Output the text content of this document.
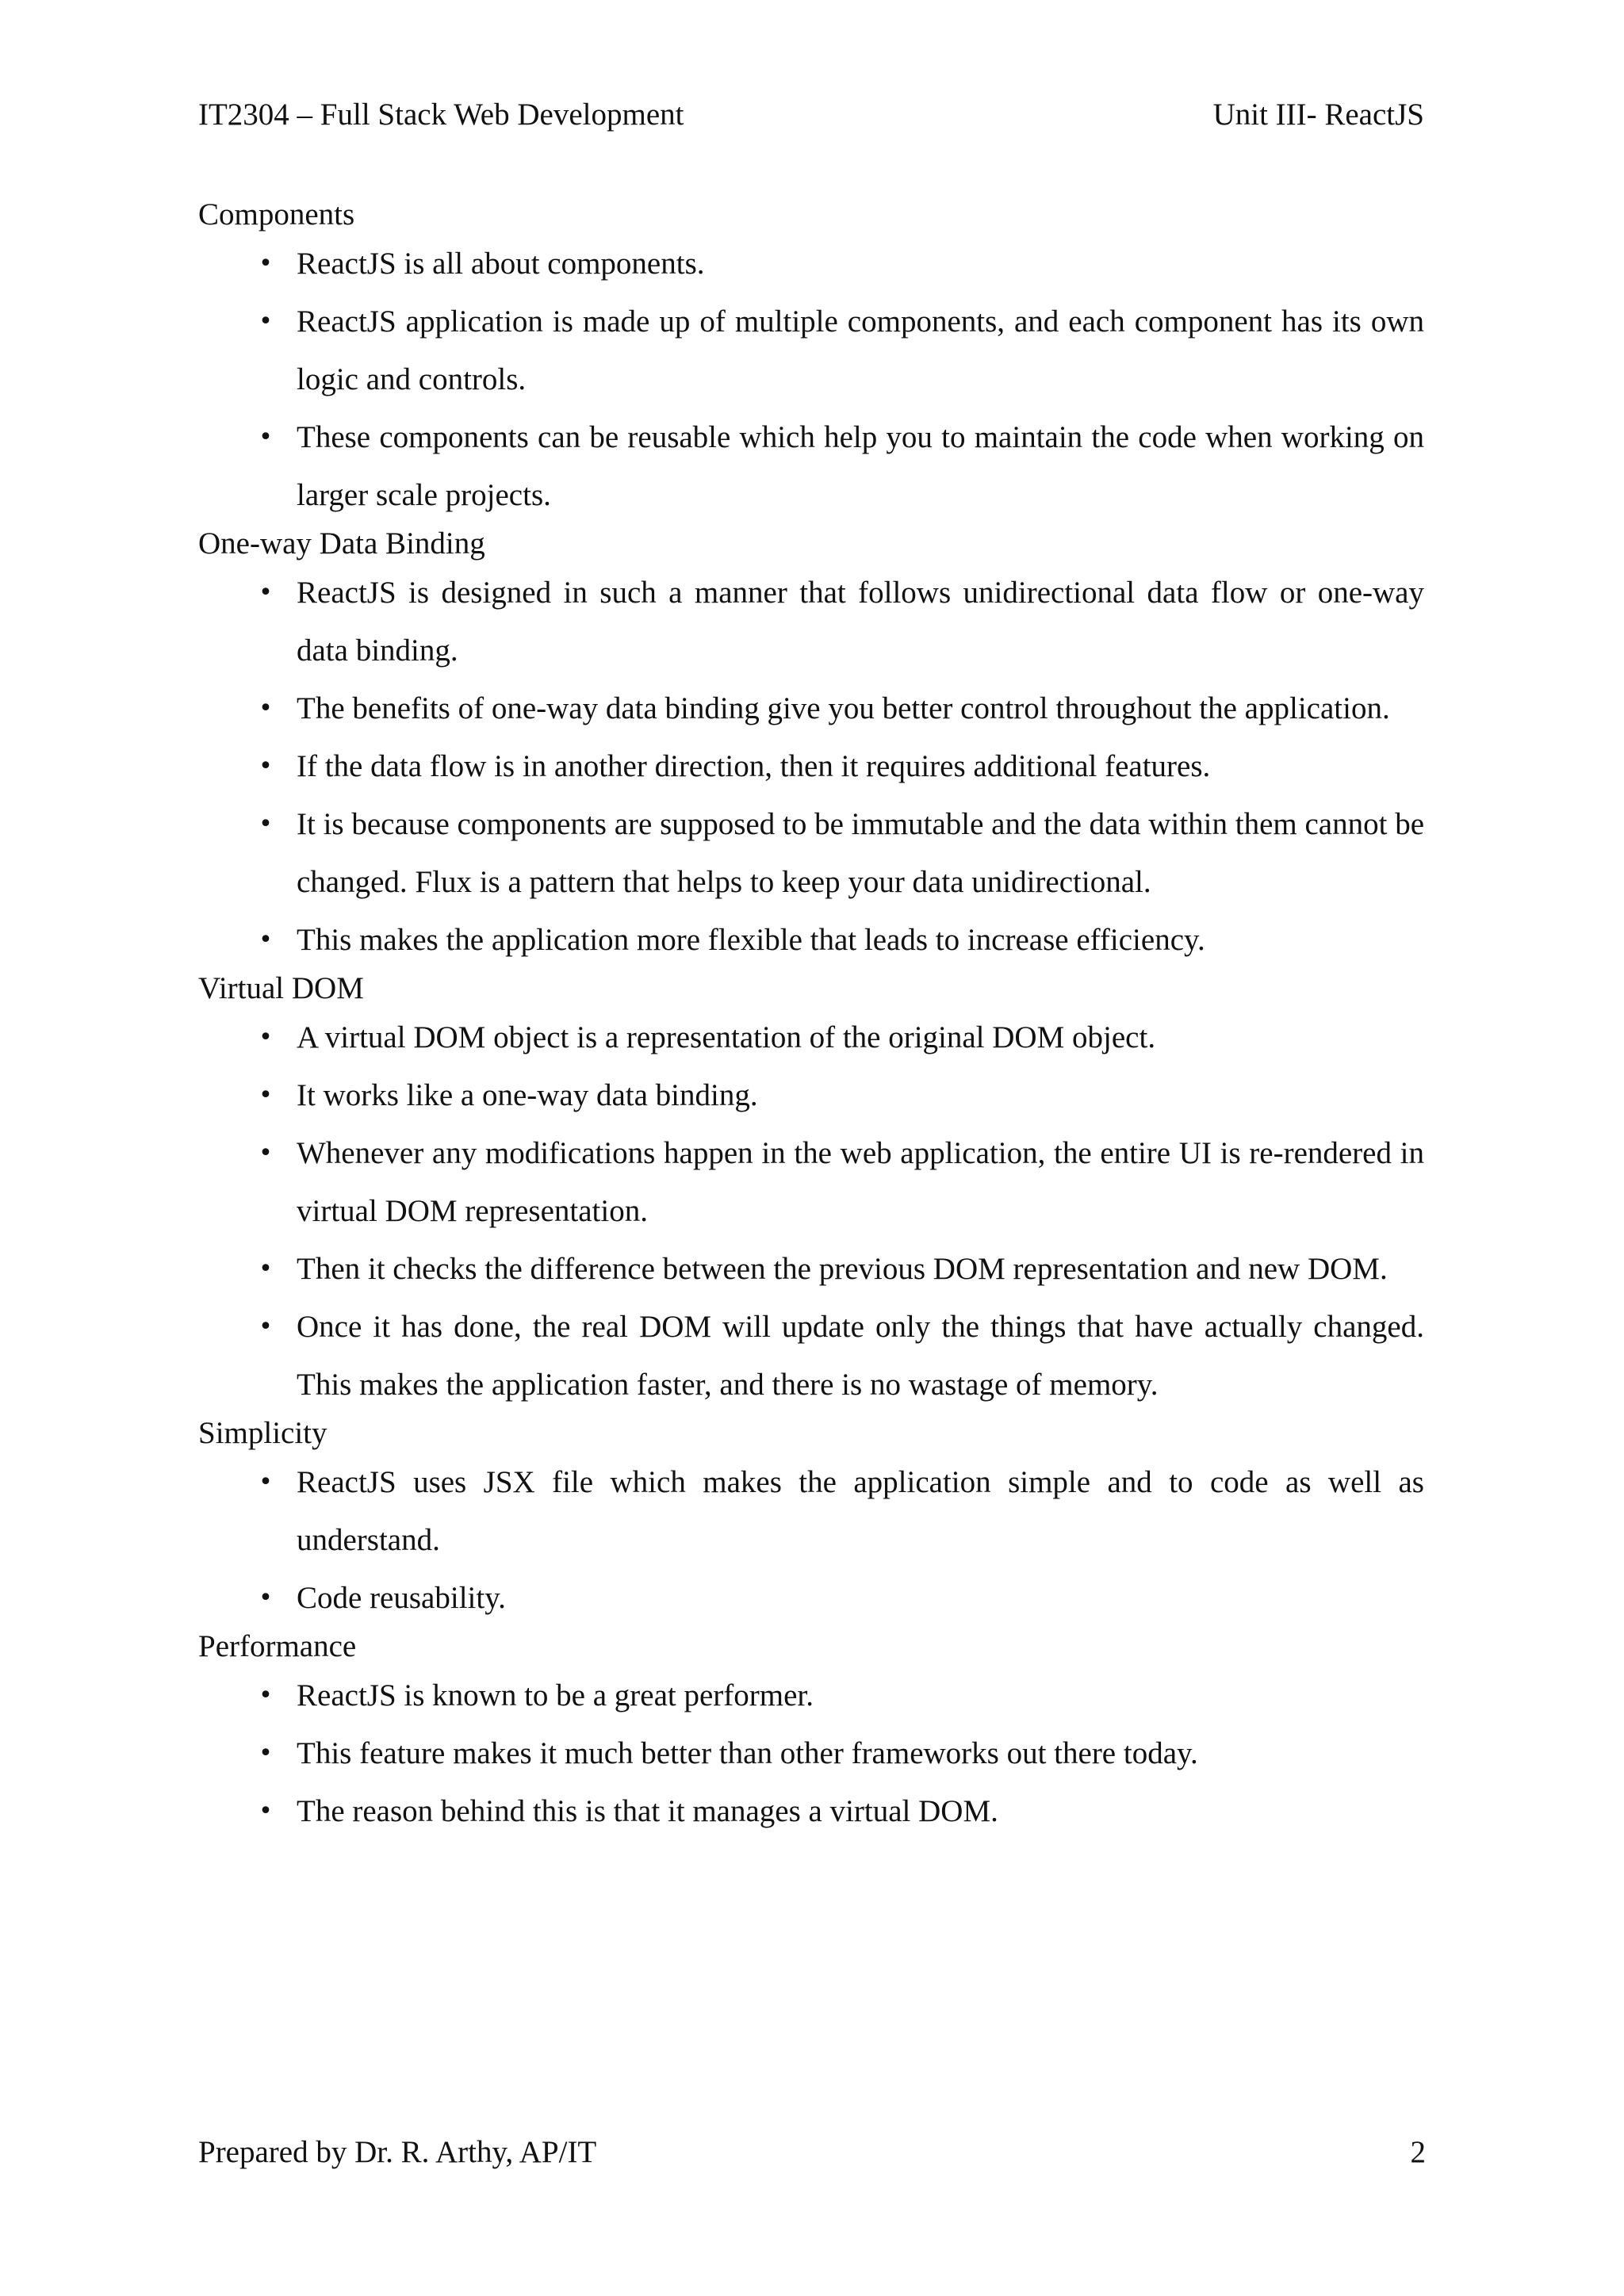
IT2304 – Full Stack Web Development	Unit III- ReactJS

Components

• ReactJS is all about components.
• ReactJS application is made up of multiple components, and each component has its own logic and controls.
• These components can be reusable which help you to maintain the code when working on larger scale projects.

One-way Data Binding

• ReactJS is designed in such a manner that follows unidirectional data flow or one-way data binding.
• The benefits of one-way data binding give you better control throughout the application.
• If the data flow is in another direction, then it requires additional features.
• It is because components are supposed to be immutable and the data within them cannot be changed. Flux is a pattern that helps to keep your data unidirectional.
• This makes the application more flexible that leads to increase efficiency.

Virtual DOM

• A virtual DOM object is a representation of the original DOM object.
• It works like a one-way data binding.
• Whenever any modifications happen in the web application, the entire UI is re-rendered in virtual DOM representation.
• Then it checks the difference between the previous DOM representation and new DOM.
• Once it has done, the real DOM will update only the things that have actually changed. This makes the application faster, and there is no wastage of memory.

Simplicity

• ReactJS uses JSX file which makes the application simple and to code as well as understand.
• Code reusability.

Performance

• ReactJS is known to be a great performer.
• This feature makes it much better than other frameworks out there today.
• The reason behind this is that it manages a virtual DOM.
Prepared by Dr. R. Arthy, AP/IT	2
